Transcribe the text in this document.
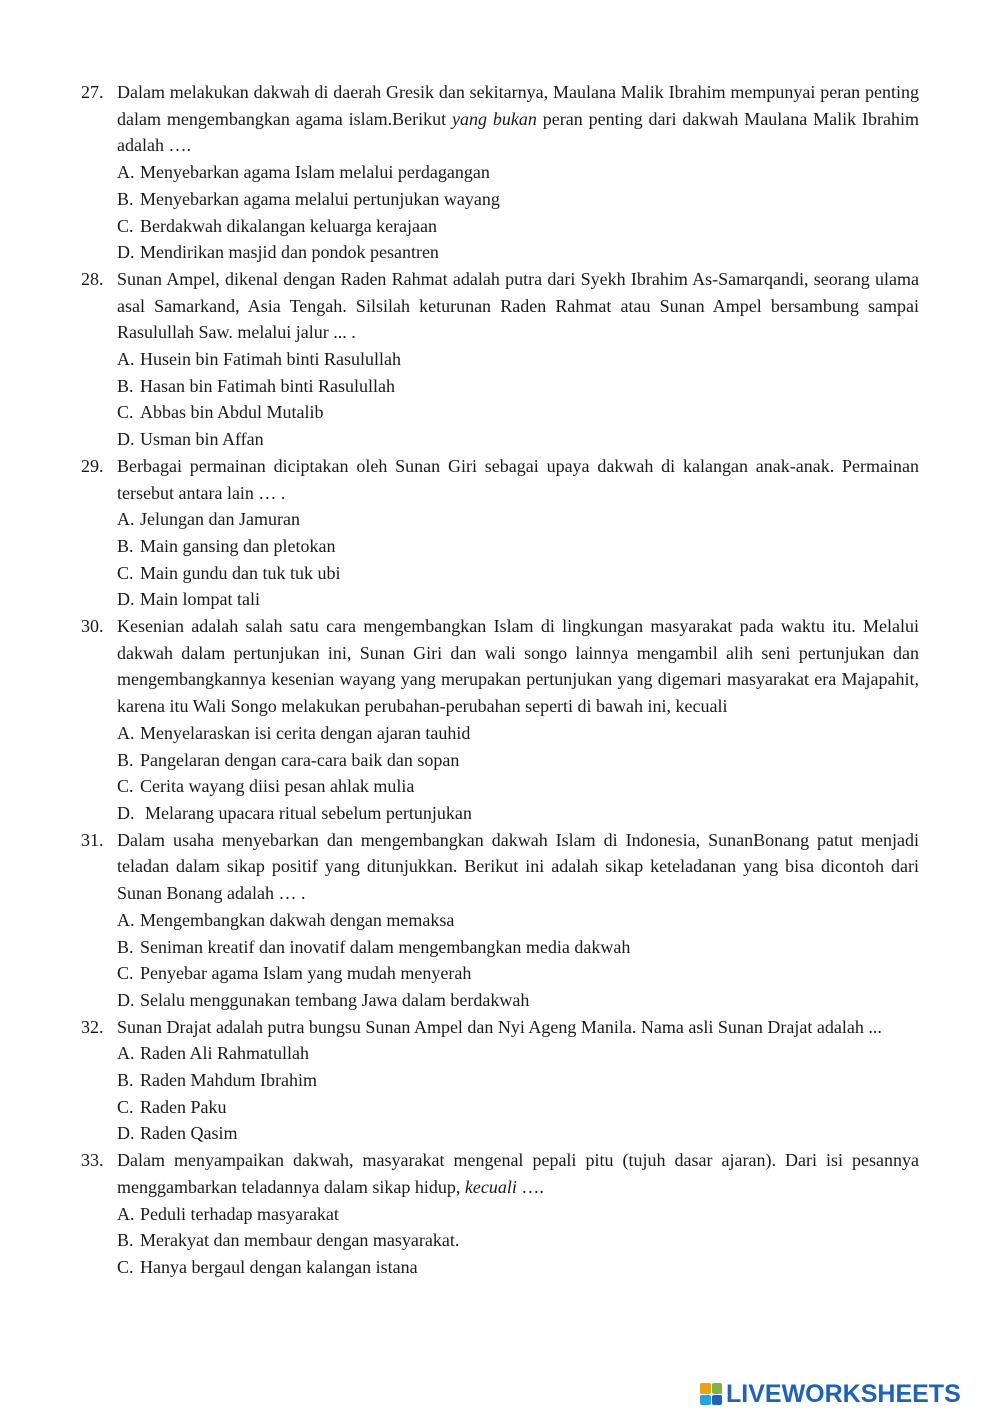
27. Dalam melakukan dakwah di daerah Gresik dan sekitarnya, Maulana Malik Ibrahim mempunyai peran penting dalam mengembangkan agama islam.Berikut yang bukan peran penting dari dakwah Maulana Malik Ibrahim adalah ….
A. Menyebarkan agama Islam melalui perdagangan
B. Menyebarkan agama melalui pertunjukan wayang
C. Berdakwah dikalangan keluarga kerajaan
D. Mendirikan masjid dan pondok pesantren
28. Sunan Ampel, dikenal dengan Raden Rahmat adalah putra dari Syekh Ibrahim As-Samarqandi, seorang ulama asal Samarkand, Asia Tengah. Silsilah keturunan Raden Rahmat atau Sunan Ampel bersambung sampai Rasulullah Saw. melalui jalur ... .
A. Husein bin Fatimah binti Rasulullah
B. Hasan bin Fatimah binti Rasulullah
C. Abbas bin Abdul Mutalib
D. Usman bin Affan
29. Berbagai permainan diciptakan oleh Sunan Giri sebagai upaya dakwah di kalangan anak-anak. Permainan tersebut antara lain … .
A. Jelungan dan Jamuran
B. Main gansing dan pletokan
C. Main gundu dan tuk tuk ubi
D. Main lompat tali
30. Kesenian adalah salah satu cara mengembangkan Islam di lingkungan masyarakat pada waktu itu. Melalui dakwah dalam pertunjukan ini, Sunan Giri dan wali songo lainnya mengambil alih seni pertunjukan dan mengembangkannya kesenian wayang yang merupakan pertunjukan yang digemari masyarakat era Majapahit, karena itu Wali Songo melakukan perubahan-perubahan seperti di bawah ini, kecuali
A. Menyelaraskan isi cerita dengan ajaran tauhid
B. Pangelaran dengan cara-cara baik dan sopan
C. Cerita wayang diisi pesan ahlak mulia
D. Melarang upacara ritual sebelum pertunjukan
31. Dalam usaha menyebarkan dan mengembangkan dakwah Islam di Indonesia, SunanBonang patut menjadi teladan dalam sikap positif yang ditunjukkan. Berikut ini adalah sikap keteladanan yang bisa dicontoh dari Sunan Bonang adalah … .
A. Mengembangkan dakwah dengan memaksa
B. Seniman kreatif dan inovatif dalam mengembangkan media dakwah
C. Penyebar agama Islam yang mudah menyerah
D. Selalu menggunakan tembang Jawa dalam berdakwah
32. Sunan Drajat adalah putra bungsu Sunan Ampel dan Nyi Ageng Manila. Nama asli Sunan Drajat adalah ...
A. Raden Ali Rahmatullah
B. Raden Mahdum Ibrahim
C. Raden Paku
D. Raden Qasim
33. Dalam menyampaikan dakwah, masyarakat mengenal pepali pitu (tujuh dasar ajaran). Dari isi pesannya menggambarkan teladannya dalam sikap hidup, kecuali ….
A. Peduli terhadap masyarakat
B. Merakyat dan membaur dengan masyarakat.
C. Hanya bergaul dengan kalangan istana
LIVEWORKSHEETS
